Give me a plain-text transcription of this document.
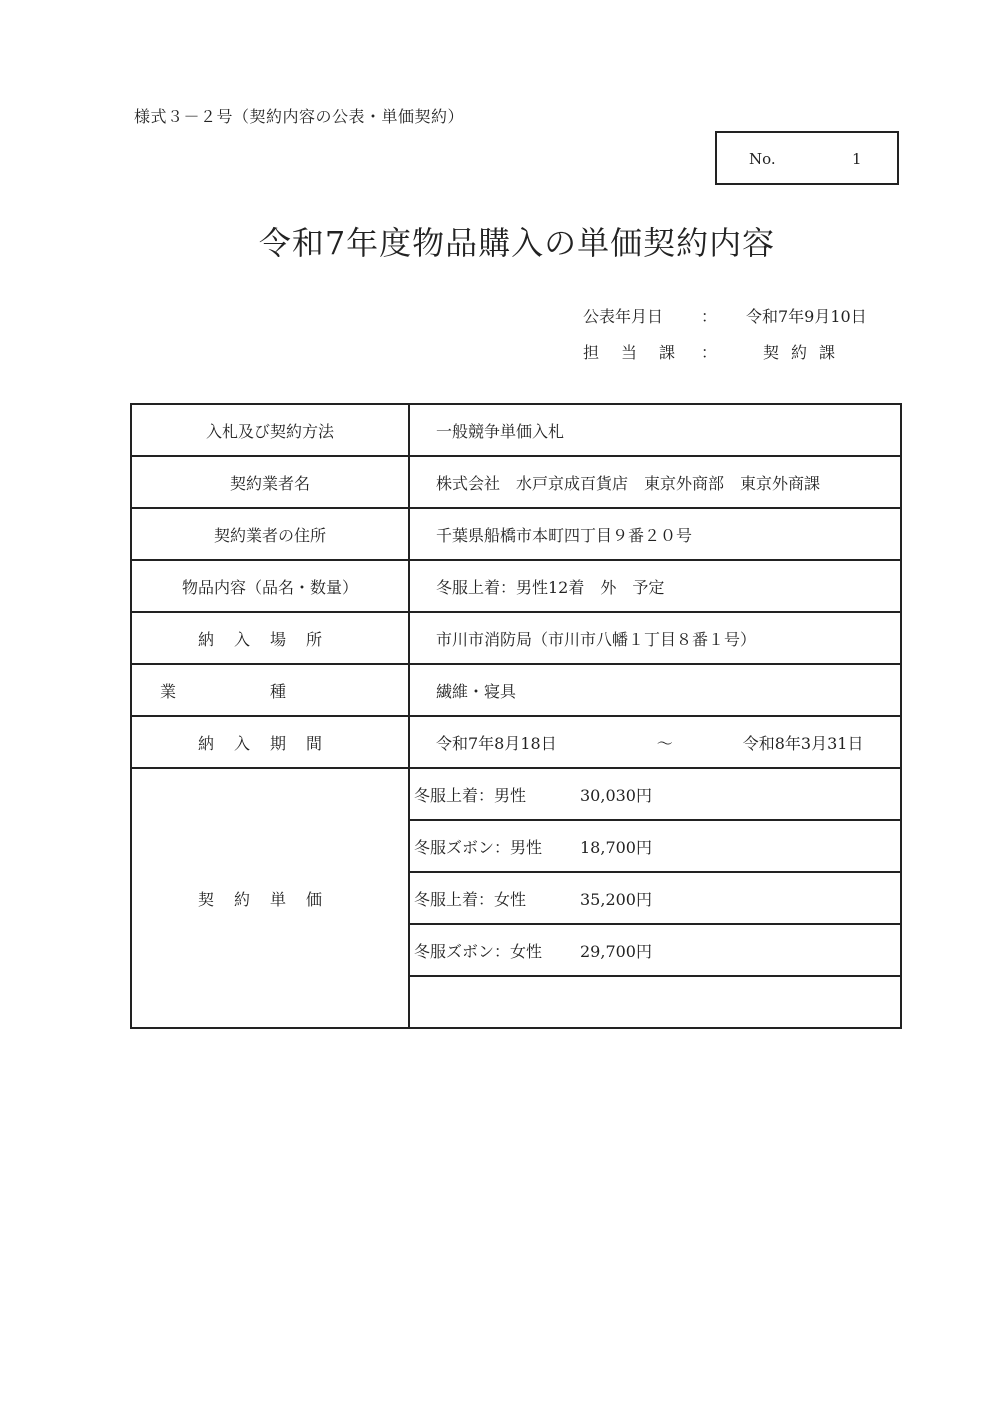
様式３－２号（契約内容の公表・単価契約）
No.	1
令和7年度物品購入の単価契約内容
公表年月日 ： 令和7年9月10日
担当課 ：	契約課
入札及び契約方法	一般競争単価入札
契約業者名	株式会社　水戸京成百貨店　東京外商部　東京外商課
契約業者の住所	千葉県船橋市本町四丁目９番２０号
物品内容（品名・数量）	冬服上着：男性12着　外　予定
納入場所	市川市消防局（市川市八幡１丁目８番１号）
業種	繊維・寝具
納入期間	令和7年8月18日 ～ 令和8年3月31日
契約単価	冬服上着：男性 30,030円
	冬服ズボン：男性 18,700円
	冬服上着：女性 35,200円
	冬服ズボン：女性 29,700円
